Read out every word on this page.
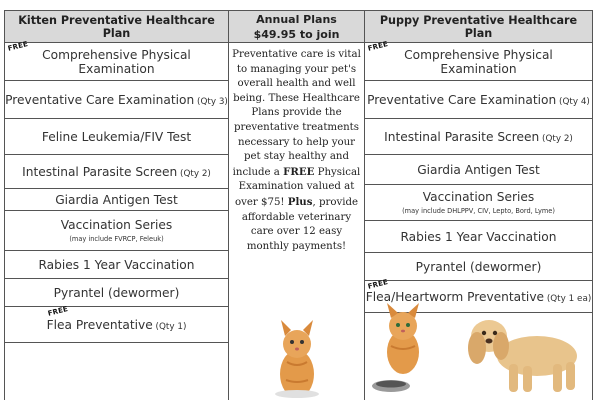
Kitten Preventative Healthcare Plan
FREE
Comprehensive Physical Examination
Preventative Care Examination (Qty 3)
Feline Leukemia/FIV Test
Intestinal Parasite Screen (Qty 2)
Giardia Antigen Test
Vaccination Series
(may include FVRCP, Feleuk)
Rabies 1 Year Vaccination
Pyrantel (dewormer)
FREE
Flea Preventative (Qty 1)
Annual Plans
$49.95 to join
Preventative care is vital to managing your pet's overall health and well being. These Healthcare Plans provide the preventative treatments necessary to help your pet stay healthy and include a FREE Physical Examination valued at over $75! Plus, provide affordable veterinary care over 12 easy monthly payments!
Puppy Preventative Healthcare Plan
FREE
Comprehensive Physical Examination
Preventative Care Examination (Qty 4)
Intestinal Parasite Screen (Qty 2)
Giardia Antigen Test
Vaccination Series
(may include DHLPPV, CIV, Lepto, Bord, Lyme)
Rabies 1 Year Vaccination
Pyrantel (dewormer)
FREE
Flea/Heartworm Preventative (Qty 1 ea)
